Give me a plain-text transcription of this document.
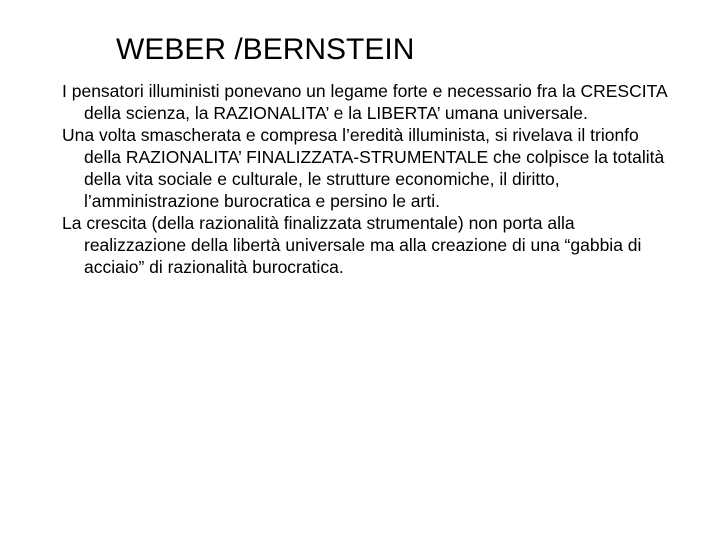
WEBER /BERNSTEIN

I pensatori illuministi ponevano un legame forte e necessario fra la CRESCITA della scienza, la RAZIONALITA’ e la LIBERTA’ umana universale.

Una volta smascherata e compresa l’eredità illuminista, si rivelava il trionfo della RAZIONALITA’ FINALIZZATA-STRUMENTALE che colpisce la totalità della vita sociale e culturale, le strutture economiche, il diritto, l’amministrazione burocratica e persino le arti.

La crescita (della razionalità finalizzata strumentale) non porta alla realizzazione della libertà universale ma alla creazione di una “gabbia di acciaio” di razionalità burocratica.
